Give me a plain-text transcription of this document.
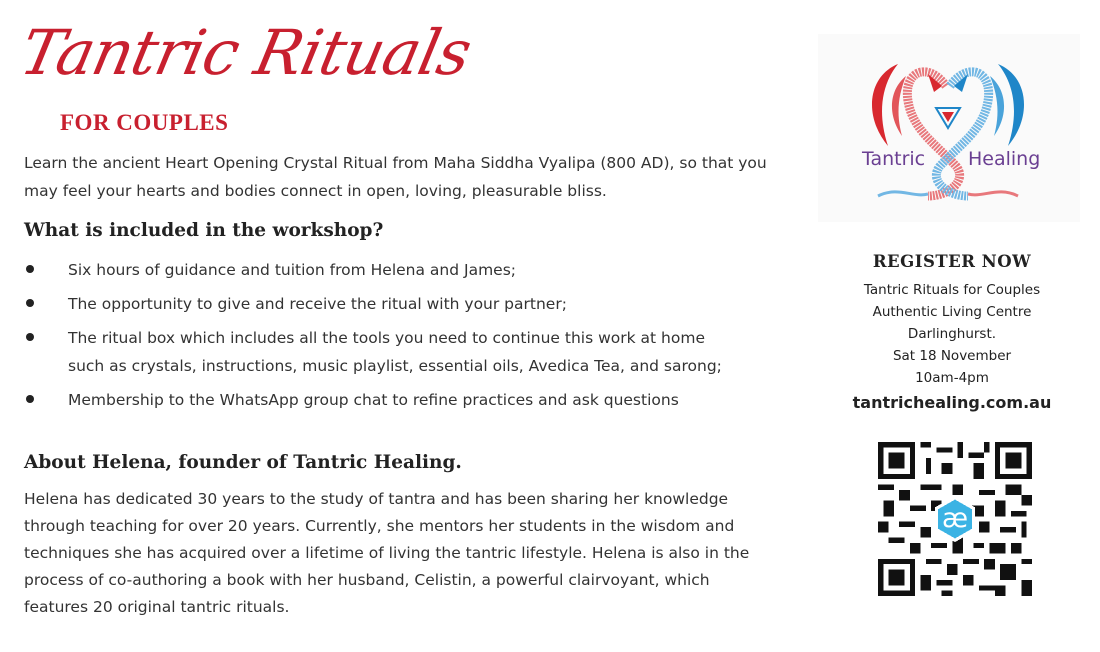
Tantric Rituals
FOR COUPLES

Learn the ancient Heart Opening Crystal Ritual from Maha Siddha Vyalipa (800 AD), so that you may feel your hearts and bodies connect in open, loving, pleasurable bliss.

What is included in the workshop?
Six hours of guidance and tuition from Helena and James;
The opportunity to give and receive the ritual with your partner;
The ritual box which includes all the tools you need to continue this work at home such as crystals, instructions, music playlist, essential oils, Avedica Tea, and sarong;
Membership to the WhatsApp group chat to refine practices and ask questions
About Helena, founder of Tantric Healing.

Helena has dedicated 30 years to the study of tantra and has been sharing her knowledge through teaching for over 20 years. Currently, she mentors her students in the wisdom and techniques she has acquired over a lifetime of living the tantric lifestyle. Helena is also in the process of co-authoring a book with her husband, Celistin, a powerful clairvoyant, which features 20 original tantric rituals.

Tantric Healing
REGISTER NOW
Tantric Rituals for Couples
Authentic Living Centre
Darlinghurst.
Sat 18 November
10am-4pm
tantrichealing.com.au
æ
